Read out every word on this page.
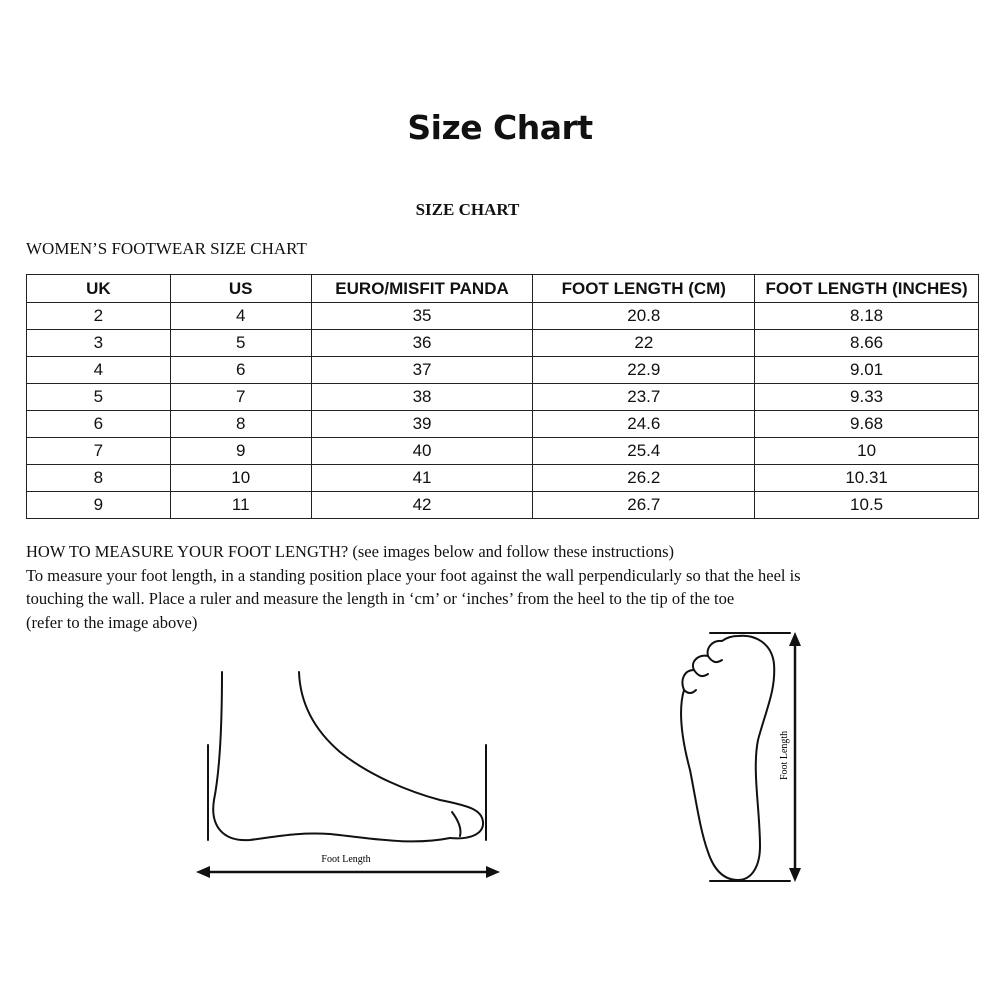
Size Chart
SIZE CHART
WOMEN’S FOOTWEAR SIZE CHART
UK	US	EURO/MISFIT PANDA	FOOT LENGTH (CM)	FOOT LENGTH (INCHES)
2	4	35	20.8	8.18
3	5	36	22	8.66
4	6	37	22.9	9.01
5	7	38	23.7	9.33
6	8	39	24.6	9.68
7	9	40	25.4	10
8	10	41	26.2	10.31
9	11	42	26.7	10.5

HOW TO MEASURE YOUR FOOT LENGTH? (see images below and follow these instructions)

To measure your foot length, in a standing position place your foot against the wall perpendicularly so that the heel is

touching the wall. Place a ruler and measure the length in ‘cm’ or ‘inches’ from the heel to the tip of the toe

(refer to the image above)

Foot Length
Foot Length
